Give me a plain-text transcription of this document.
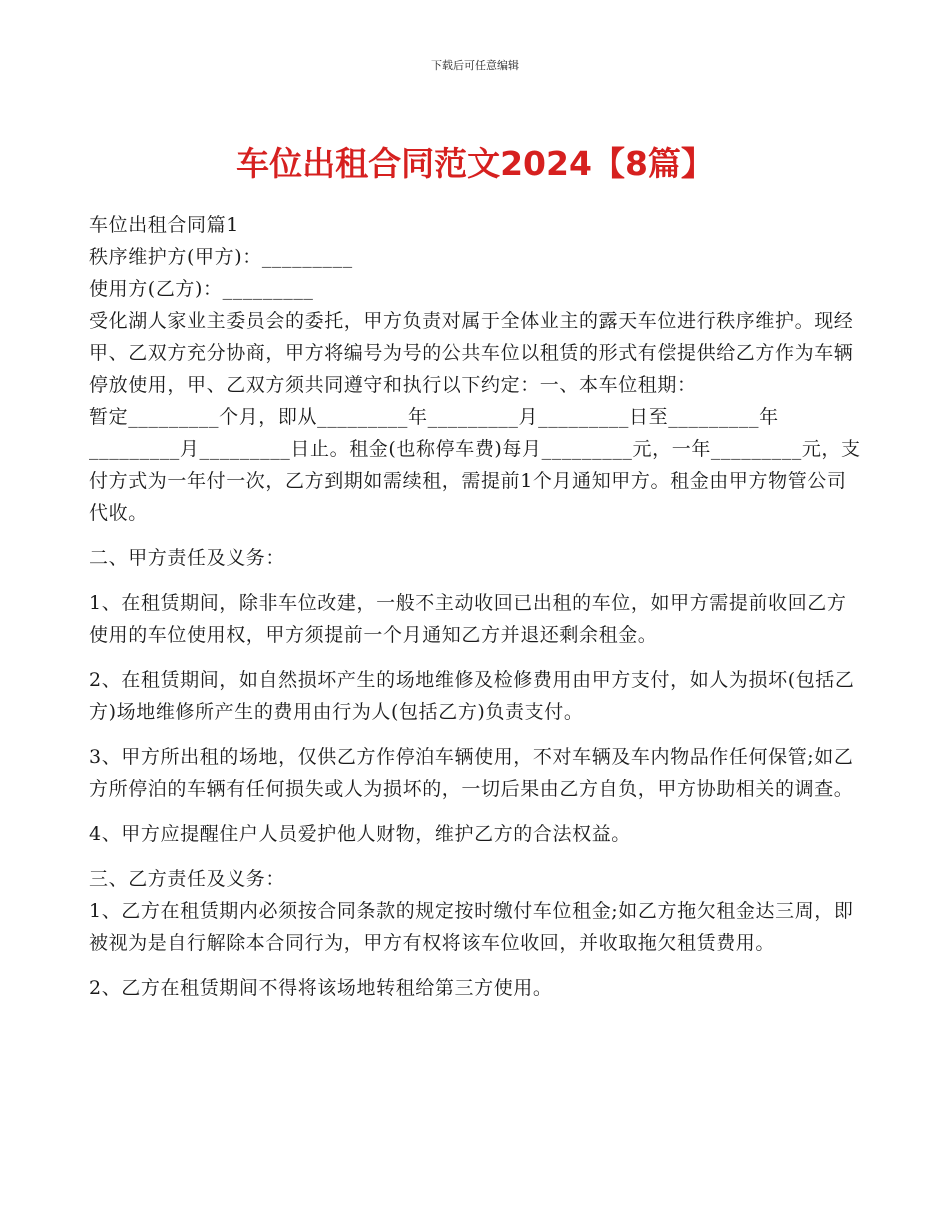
下载后可任意编辑
车位出租合同范文2024【8篇】

车位出租合同篇1

秩序维护方(甲方)：_________

使用方(乙方)：_________

受化湖人家业主委员会的委托，甲方负责对属于全体业主的露天车位进行秩序维护。现经甲、乙双方充分协商，甲方将编号为号的公共车位以租赁的形式有偿提供给乙方作为车辆停放使用，甲、乙双方须共同遵守和执行以下约定：一、本车位租期：

暂定_________个月，即从_________年_________月_________日至_________年_________月_________日止。租金(也称停车费)每月_________元，一年_________元，支付方式为一年付一次，乙方到期如需续租，需提前1个月通知甲方。租金由甲方物管公司代收。

二、甲方责任及义务：

1、在租赁期间，除非车位改建，一般不主动收回已出租的车位，如甲方需提前收回乙方使用的车位使用权，甲方须提前一个月通知乙方并退还剩余租金。

2、在租赁期间，如自然损坏产生的场地维修及检修费用由甲方支付，如人为损坏(包括乙方)场地维修所产生的费用由行为人(包括乙方)负责支付。

3、甲方所出租的场地，仅供乙方作停泊车辆使用，不对车辆及车内物品作任何保管;如乙方所停泊的车辆有任何损失或人为损坏的，一切后果由乙方自负，甲方协助相关的调查。

4、甲方应提醒住户人员爱护他人财物，维护乙方的合法权益。

三、乙方责任及义务：

1、乙方在租赁期内必须按合同条款的规定按时缴付车位租金;如乙方拖欠租金达三周，即被视为是自行解除本合同行为，甲方有权将该车位收回，并收取拖欠租赁费用。

2、乙方在租赁期间不得将该场地转租给第三方使用。
